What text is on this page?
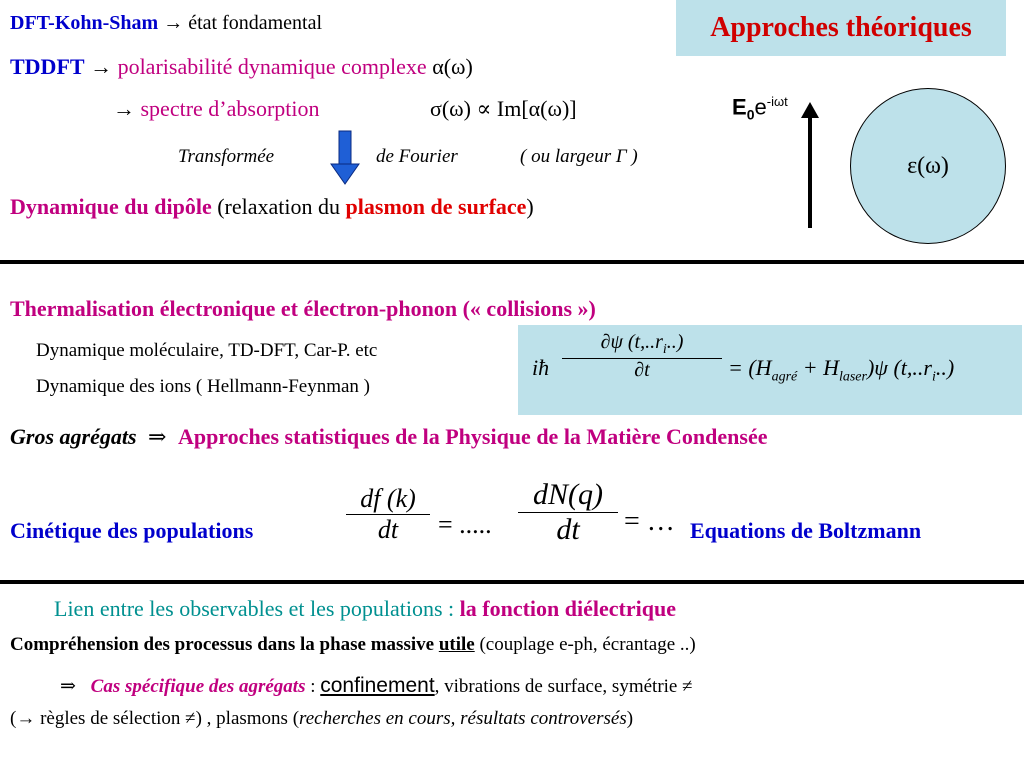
Approches théoriques
DFT-Kohn-Sham → état fondamental
TDDFT → polarisabilité dynamique complexe α(ω)
→ spectre d’absorption	σ(ω) ∝ Im[α(ω)]	$E_0e^{-i\omega t}$
ε(ω)
Transformée	de Fourier	( ou largeur Γ )
Dynamique du dipôle (relaxation du plasmon de surface)
Thermalisation électronique et électron-phonon (« collisions »)
Dynamique moléculaire, TD-DFT, Car-P. etc
Dynamique des ions ( Hellmann-Feynman )
iħ
∂ψ $(t,..r_i..)$
∂t	= $(H_{agré} + H_{laser})\psi$ $(t,..r_i..)$
Gros agrégats ⇒ Approches statistiques de la Physique de la Matière Condensée
Cinétique des populations
df (k)
dt = .....
dN(q)
dt = … Equations de Boltzmann
Lien entre les observables et les populations : la fonction diélectrique
Compréhension des processus dans la phase massive utile (couplage e-ph, écrantage ..)
⇒ Cas spécifique des agrégats : confinement, vibrations de surface, symétrie ≠
(→ règles de sélection ≠) , plasmons (recherches en cours, résultats controversés)
